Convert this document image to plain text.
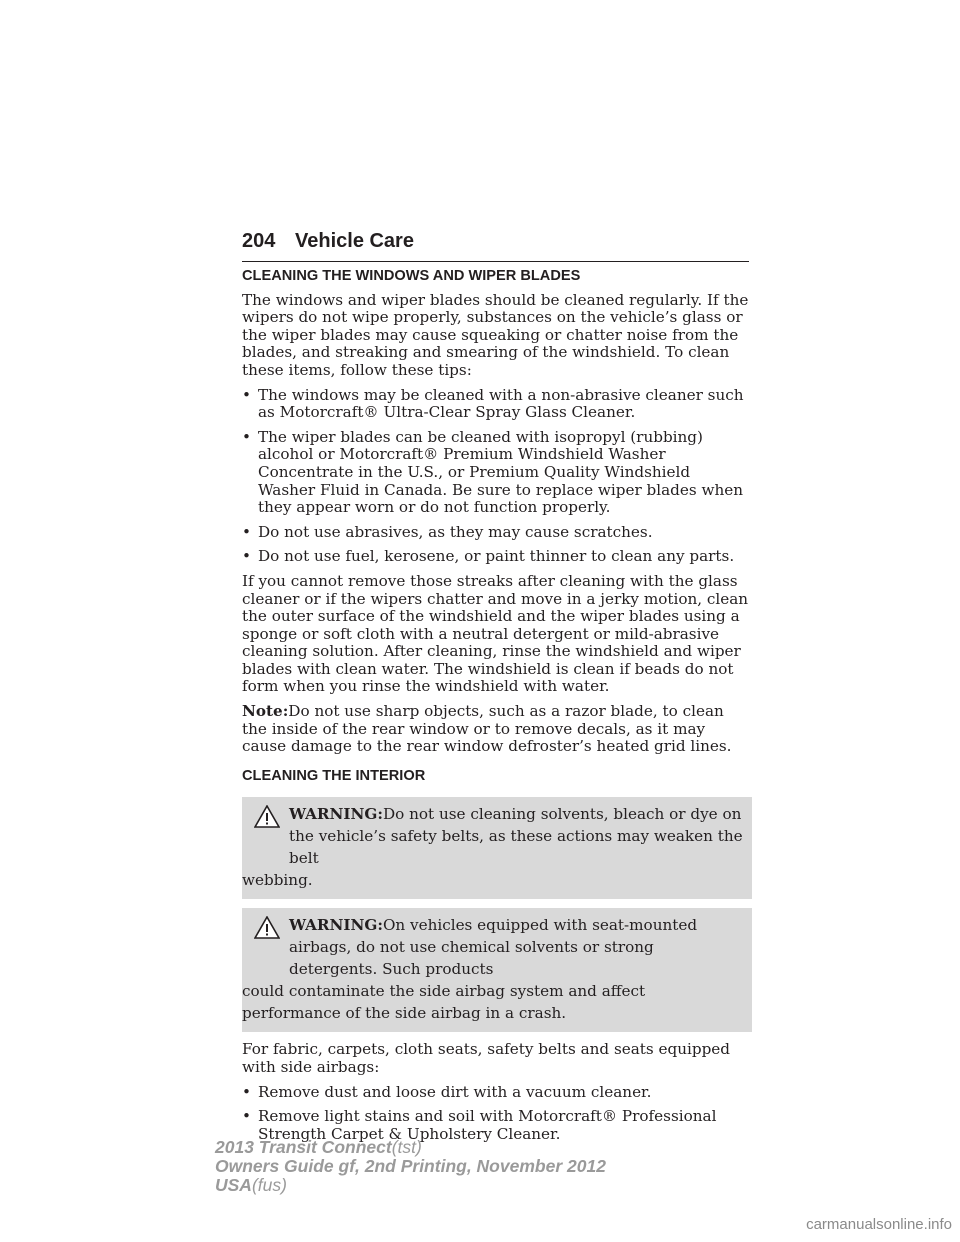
204 Vehicle Care
CLEANING THE WINDOWS AND WIPER BLADES

The windows and wiper blades should be cleaned regularly. If the wipers do not wipe properly, substances on the vehicle’s glass or the wiper blades may cause squeaking or chatter noise from the blades, and streaking and smearing of the windshield. To clean these items, follow these tips:

• The windows may be cleaned with a non-abrasive cleaner such as Motorcraft® Ultra-Clear Spray Glass Cleaner.
• The wiper blades can be cleaned with isopropyl (rubbing) alcohol or Motorcraft® Premium Windshield Washer Concentrate in the U.S., or Premium Quality Windshield Washer Fluid in Canada. Be sure to replace wiper blades when they appear worn or do not function properly.
• Do not use abrasives, as they may cause scratches.
• Do not use fuel, kerosene, or paint thinner to clean any parts.

If you cannot remove those streaks after cleaning with the glass cleaner or if the wipers chatter and move in a jerky motion, clean the outer surface of the windshield and the wiper blades using a sponge or soft cloth with a neutral detergent or mild-abrasive cleaning solution. After cleaning, rinse the windshield and wiper blades with clean water. The windshield is clean if beads do not form when you rinse the windshield with water.

Note:Do not use sharp objects, such as a razor blade, to clean the inside of the rear window or to remove decals, as it may cause damage to the rear window defroster’s heated grid lines.

CLEANING THE INTERIOR
WARNING:Do not use cleaning solvents, bleach or dye on the vehicle’s safety belts, as these actions may weaken the belt
webbing.
WARNING:On vehicles equipped with seat-mounted airbags, do not use chemical solvents or strong detergents. Such products
could contaminate the side airbag system and affect performance of the side airbag in a crash.

For fabric, carpets, cloth seats, safety belts and seats equipped with side airbags:

• Remove dust and loose dirt with a vacuum cleaner.
• Remove light stains and soil with Motorcraft® Professional Strength Carpet & Upholstery Cleaner.
2013 Transit Connect(tst)
Owners Guide gf, 2nd Printing, November 2012
USA(fus)
carmanualsonline.info
